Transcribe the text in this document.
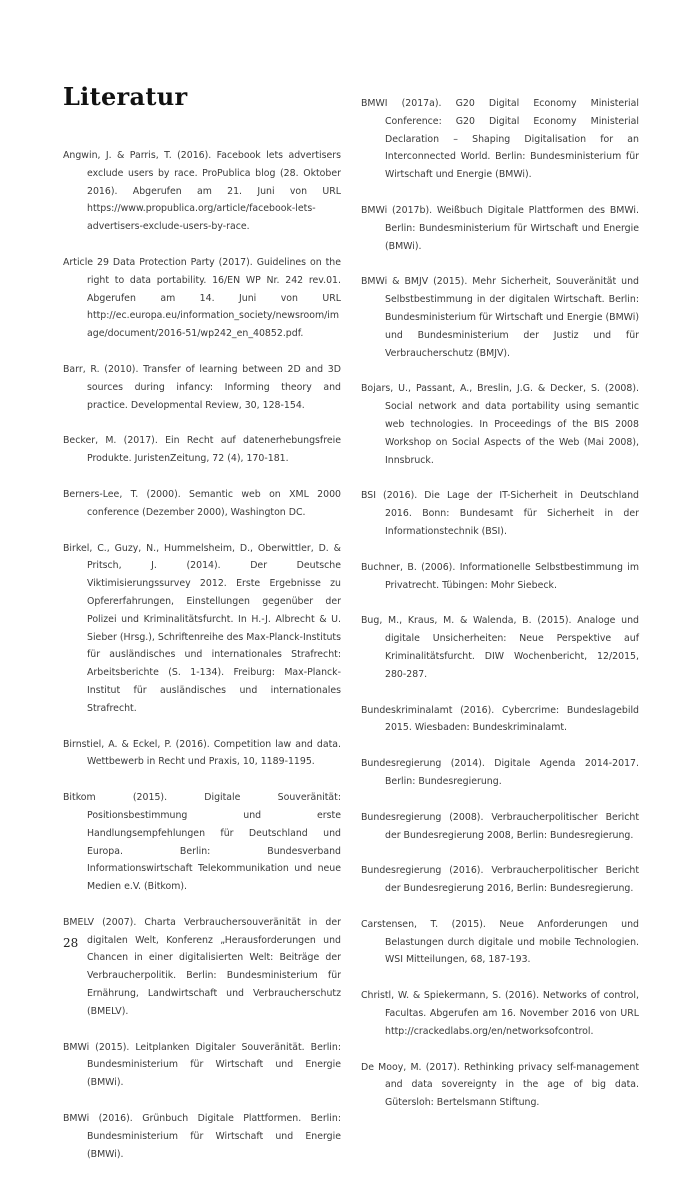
Literatur

Angwin, J. & Parris, T. (2016). Facebook lets advertisers exclude users by race. ProPublica blog (28. Oktober 2016). Abgerufen am 21. Juni von URL https://www.propublica.org/article/facebook-lets-advertisers-exclude-users-by-race.

Article 29 Data Protection Party (2017). Guidelines on the right to data portability. 16/EN WP Nr. 242 rev.01. Abgerufen am 14. Juni von URL http://ec.europa.eu/information_society/newsroom/image/document/2016-51/wp242_en_40852.pdf.

Barr, R. (2010). Transfer of learning between 2D and 3D sources during infancy: Informing theory and practice. Developmental Review, 30, 128-154.

Becker, M. (2017). Ein Recht auf datenerhebungsfreie Produkte. JuristenZeitung, 72 (4), 170-181.

Berners-Lee, T. (2000). Semantic web on XML 2000 conference (Dezember 2000), Washington DC.

Birkel, C., Guzy, N., Hummelsheim, D., Oberwittler, D. & Pritsch, J. (2014). Der Deutsche Viktimisierungssurvey 2012. Erste Ergebnisse zu Opfererfahrungen, Einstellungen gegenüber der Polizei und Kriminalitätsfurcht. In H.-J. Albrecht & U. Sieber (Hrsg.), Schriftenreihe des Max-Planck-Instituts für ausländisches und internationales Strafrecht: Arbeitsberichte (S. 1-134). Freiburg: Max-Planck-Institut für ausländisches und internationales Strafrecht.

Birnstiel, A. & Eckel, P. (2016). Competition law and data. Wettbewerb in Recht und Praxis, 10, 1189-1195.

Bitkom (2015). Digitale Souveränität: Positionsbestimmung und erste Handlungsempfehlungen für Deutschland und Europa. Berlin: Bundesverband Informationswirtschaft Telekommunikation und neue Medien e.V. (Bitkom).

BMELV (2007). Charta Verbrauchersouveränität in der digitalen Welt, Konferenz „Herausforderungen und Chancen in einer digitalisierten Welt: Beiträge der Verbraucherpolitik. Berlin: Bundesministerium für Ernährung, Landwirtschaft und Verbraucherschutz (BMELV).

BMWi (2015). Leitplanken Digitaler Souveränität. Berlin: Bundesministerium für Wirtschaft und Energie (BMWi).

BMWi (2016). Grünbuch Digitale Plattformen. Berlin: Bundesministerium für Wirtschaft und Energie (BMWi).

BMWI (2017a). G20 Digital Economy Ministerial Conference: G20 Digital Economy Ministerial Declaration – Shaping Digitalisation for an Interconnected World. Berlin: Bundesministerium für Wirtschaft und Energie (BMWi).

BMWi (2017b). Weißbuch Digitale Plattformen des BMWi. Berlin: Bundesministerium für Wirtschaft und Energie (BMWi).

BMWi & BMJV (2015). Mehr Sicherheit, Souveränität und Selbstbestimmung in der digitalen Wirtschaft. Berlin: Bundesministerium für Wirtschaft und Energie (BMWi) und Bundesministerium der Justiz und für Verbraucherschutz (BMJV).

Bojars, U., Passant, A., Breslin, J.G. & Decker, S. (2008). Social network and data portability using semantic web technologies. In Proceedings of the BIS 2008 Workshop on Social Aspects of the Web (Mai 2008), Innsbruck.

BSI (2016). Die Lage der IT-Sicherheit in Deutschland 2016. Bonn: Bundesamt für Sicherheit in der Informationstechnik (BSI).

Buchner, B. (2006). Informationelle Selbstbestimmung im Privatrecht. Tübingen: Mohr Siebeck.

Bug, M., Kraus, M. & Walenda, B. (2015). Analoge und digitale Unsicherheiten: Neue Perspektive auf Kriminalitätsfurcht. DIW Wochenbericht, 12/2015, 280-287.

Bundeskriminalamt (2016). Cybercrime: Bundeslagebild 2015. Wiesbaden: Bundeskriminalamt.

Bundesregierung (2014). Digitale Agenda 2014-2017. Berlin: Bundesregierung.

Bundesregierung (2008). Verbraucherpolitischer Bericht der Bundesregierung 2008, Berlin: Bundesregierung.

Bundesregierung (2016). Verbraucherpolitischer Bericht der Bundesregierung 2016, Berlin: Bundesregierung.

Carstensen, T. (2015). Neue Anforderungen und Belastungen durch digitale und mobile Technologien. WSI Mitteilungen, 68, 187-193.

Christl, W. & Spiekermann, S. (2016). Networks of control, Facultas. Abgerufen am 16. November 2016 von URL http://crackedlabs.org/en/networksofcontrol.

De Mooy, M. (2017). Rethinking privacy self-management and data sovereignty in the age of big data. Gütersloh: Bertelsmann Stiftung.

28
